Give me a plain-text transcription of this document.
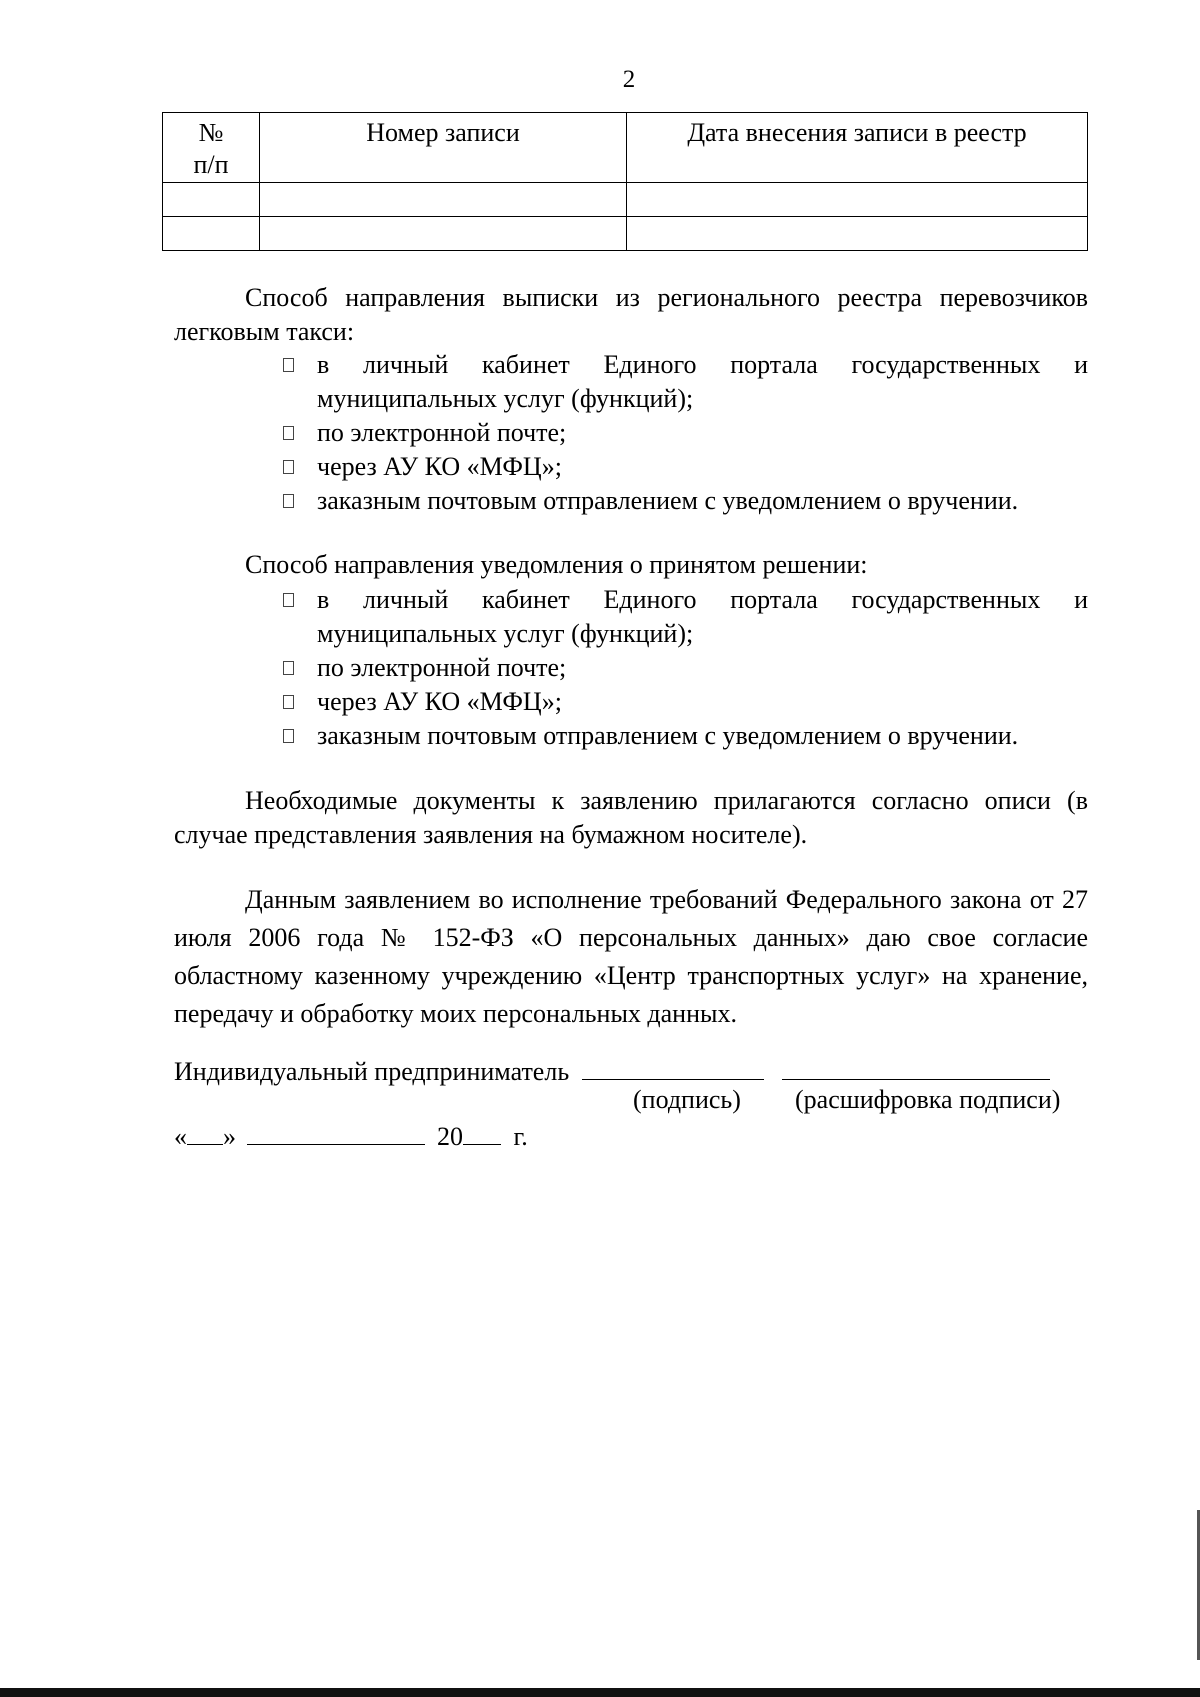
2
№ п/п	Номер записи	Дата внесения записи в реестр

Способ направления выписки из регионального реестра перевозчиков легковым такси:
в личный кабинет Единого портала государственных и муниципальных услуг (функций);
по электронной почте;
через АУ КО «МФЦ»;
заказным почтовым отправлением с уведомлением о вручении.
Способ направления уведомления о принятом решении:
в личный кабинет Единого портала государственных и муниципальных услуг (функций);
по электронной почте;
через АУ КО «МФЦ»;
заказным почтовым отправлением с уведомлением о вручении.
Необходимые документы к заявлению прилагаются согласно описи (в случае представления заявления на бумажном носителе).
Данным заявлением во исполнение требований Федерального закона от 27 июля 2006 года № 152-ФЗ «О персональных данных» даю свое согласие областному казенному учреждению «Центр транспортных услуг» на хранение, передачу и обработку моих персональных данных.
Индивидуальный предприниматель
(подпись) (расшифровка подписи)
« »	20 г.
